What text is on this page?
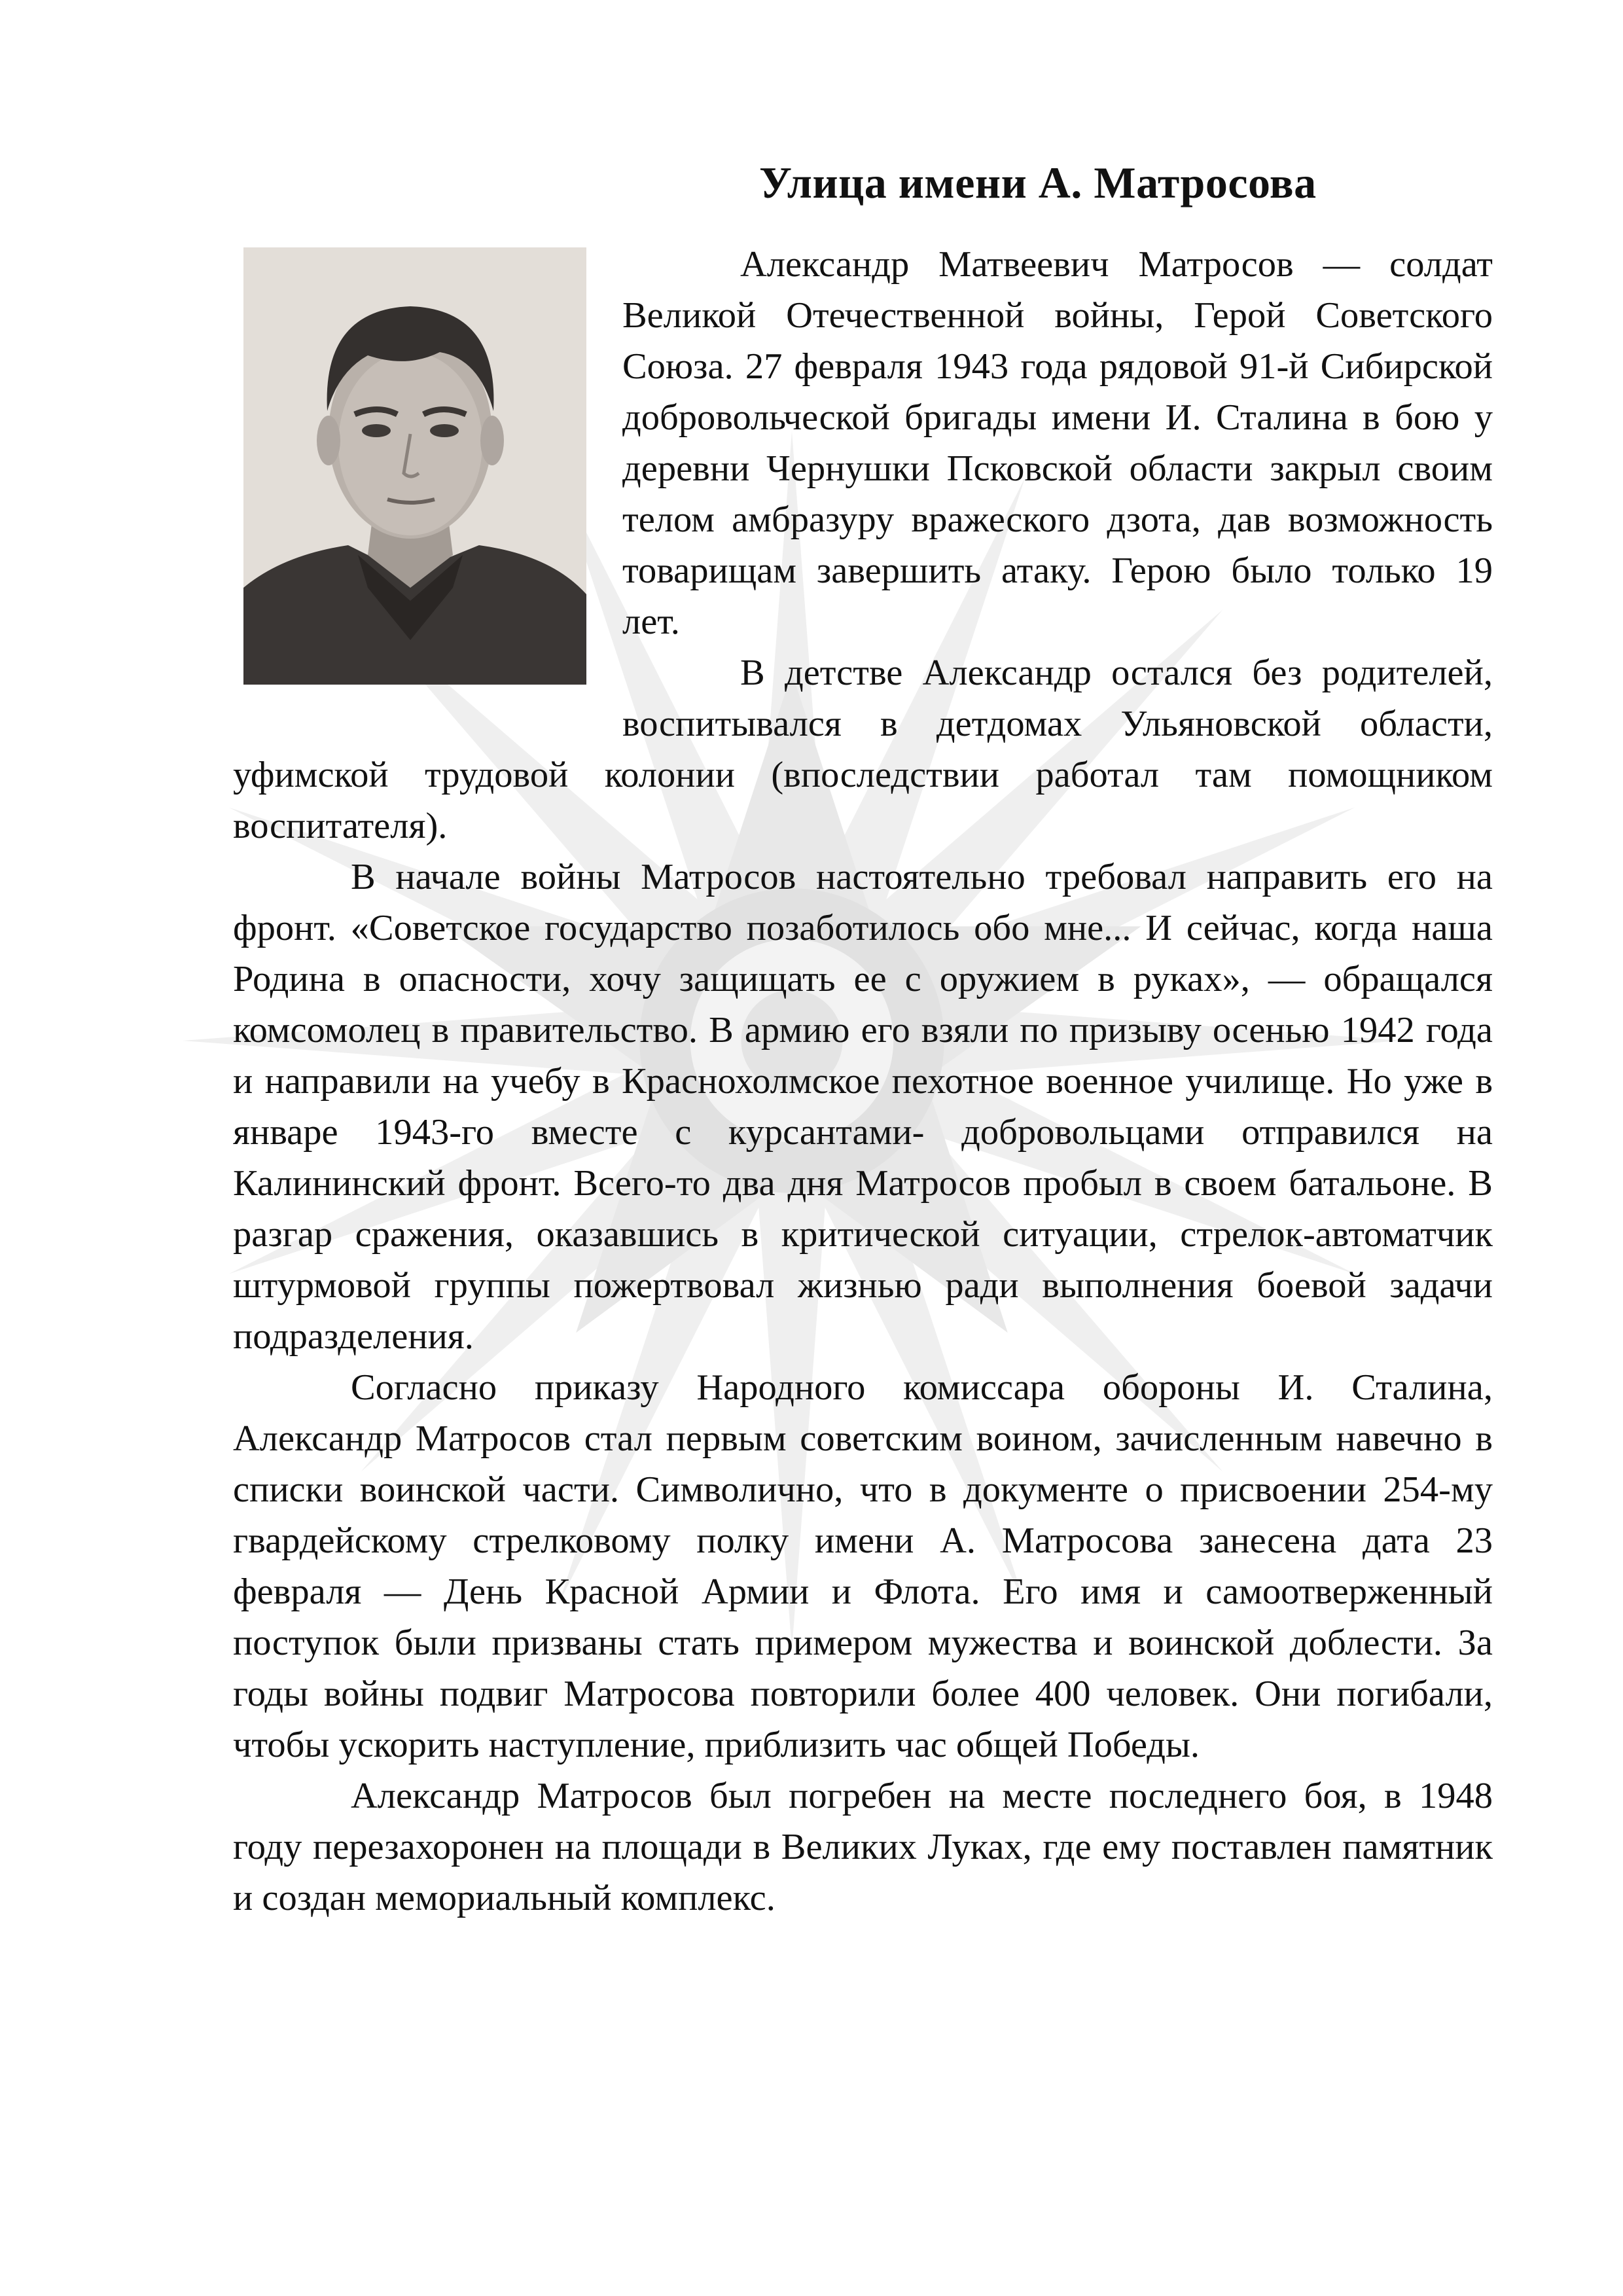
Улица имени А. Матросова

Александр Матвеевич Матросов — солдат Великой Отечественной войны, Герой Советского Союза. 27 февраля 1943 года рядовой 91-й Сибирской добровольческой бригады имени И. Сталина в бою у деревни Чернушки Псковской области закрыл своим телом амбразуру вражеского дзота, дав возможность товарищам завершить атаку. Герою было только 19 лет.

В детстве Александр остался без родителей, воспитывался в детдомах Ульяновской области, уфимской трудовой колонии (впоследствии работал там помощником воспитателя).

В начале войны Матросов настоятельно требовал направить его на фронт. «Советское государство позаботилось обо мне... И сейчас, когда наша Родина в опасности, хочу защищать ее с оружием в руках», — обращался комсомолец в правительство. В армию его взяли по призыву осенью 1942 года и направили на учебу в Краснохолмское пехотное военное училище. Но уже в январе 1943-го вместе с курсантами- добровольцами отправился на Калининский фронт. Всего-то два дня Матросов пробыл в своем батальоне. В разгар сражения, оказавшись в критической ситуации, стрелок-автоматчик штурмовой группы пожертвовал жизнью ради выполнения боевой задачи подразделения.

Согласно приказу Народного комиссара обороны И. Сталина, Александр Матросов стал первым советским воином, зачисленным навечно в списки воинской части. Символично, что в документе о присвоении 254-му гвардейскому стрелковому полку имени А. Матросова занесена дата 23 февраля — День Красной Армии и Флота. Его имя и самоотверженный поступок были призваны стать примером мужества и воинской доблести. За годы войны подвиг Матросова повторили более 400 человек. Они погибали, чтобы ускорить наступление, приблизить час общей Победы.

Александр Матросов был погребен на месте последнего боя, в 1948 году перезахоронен на площади в Великих Луках, где ему поставлен памятник и создан мемориальный комплекс.
